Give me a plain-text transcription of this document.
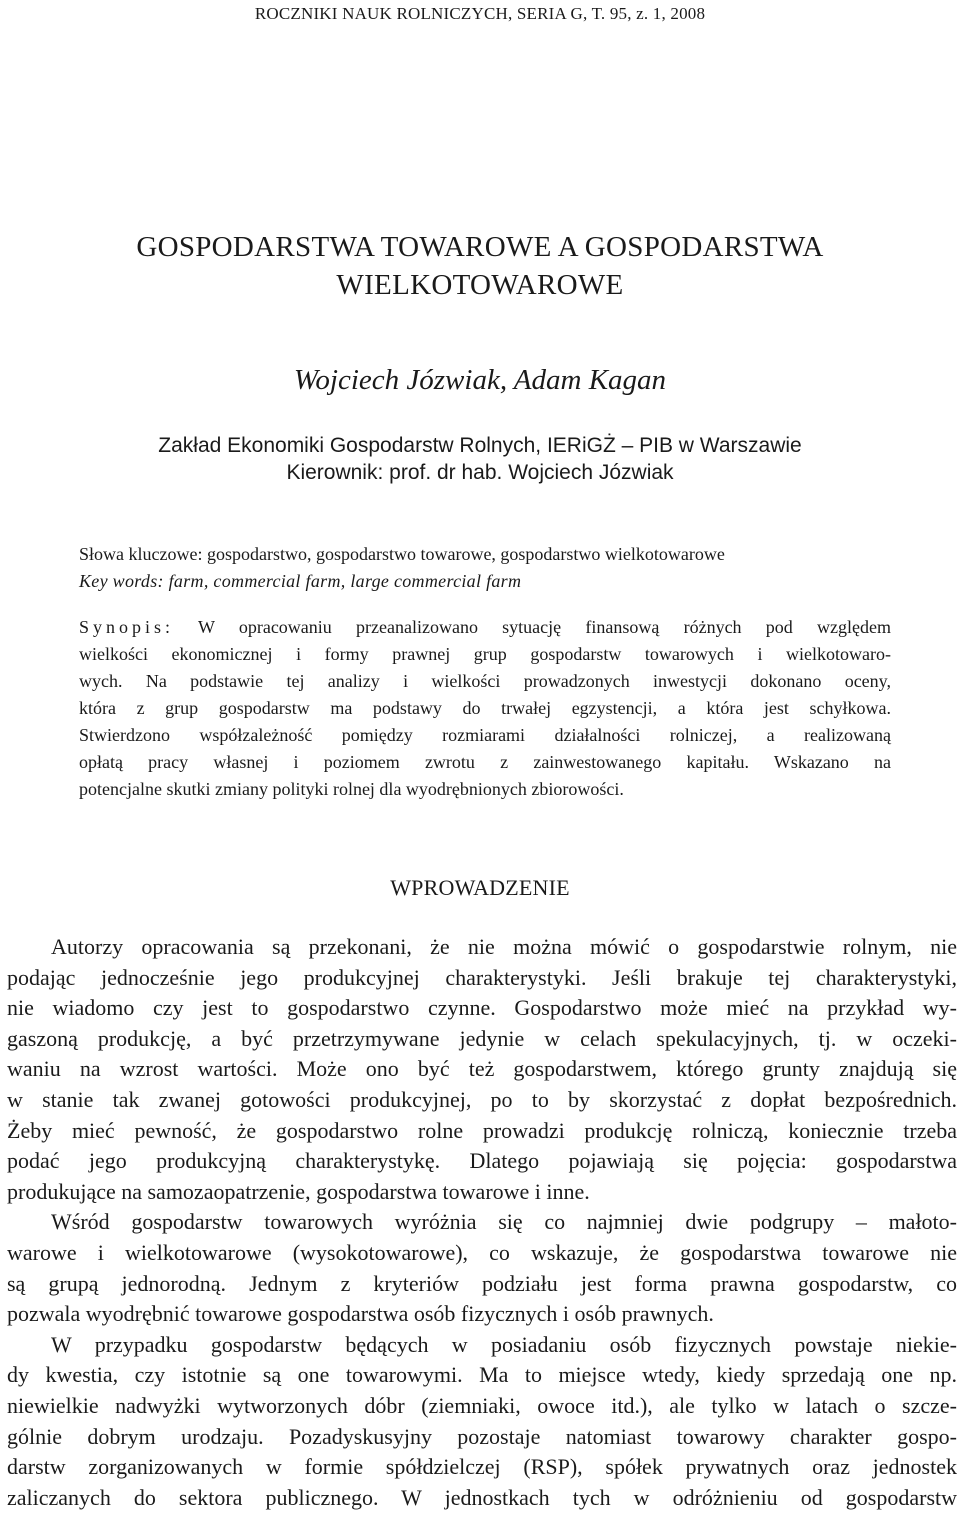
ROCZNIKI NAUK ROLNICZYCH, SERIA G, T. 95, z. 1, 2008
GOSPODARSTWA TOWAROWE A GOSPODARSTWA
WIELKOTOWAROWE
Wojciech Józwiak, Adam Kagan
Zakład Ekonomiki Gospodarstw Rolnych, IERiGŻ – PIB w Warszawie
Kierownik: prof. dr hab. Wojciech Józwiak
Słowa kluczowe: gospodarstwo, gospodarstwo towarowe, gospodarstwo wielkotowarowe
Key words: farm, commercial farm, large commercial farm
Synopis: W opracowaniu przeanalizowano sytuację finansową różnych pod względem
wielkości ekonomicznej i formy prawnej grup gospodarstw towarowych i wielkotowaro-
wych. Na podstawie tej analizy i wielkości prowadzonych inwestycji dokonano oceny,
która z grup gospodarstw ma podstawy do trwałej egzystencji, a która jest schyłkowa.
Stwierdzono współzależność pomiędzy rozmiarami działalności rolniczej, a realizowaną
opłatą pracy własnej i poziomem zwrotu z zainwestowanego kapitału. Wskazano na
potencjalne skutki zmiany polityki rolnej dla wyodrębnionych zbiorowości.
WPROWADZENIE
Autorzy opracowania są przekonani, że nie można mówić o gospodarstwie rolnym, nie
podając jednocześnie jego produkcyjnej charakterystyki. Jeśli brakuje tej charakterystyki,
nie wiadomo czy jest to gospodarstwo czynne. Gospodarstwo może mieć na przykład wy-
gaszoną produkcję, a być przetrzymywane jedynie w celach spekulacyjnych, tj. w oczeki-
waniu na wzrost wartości. Może ono być też gospodarstwem, którego grunty znajdują się
w stanie tak zwanej gotowości produkcyjnej, po to by skorzystać z dopłat bezpośrednich.
Żeby mieć pewność, że gospodarstwo rolne prowadzi produkcję rolniczą, koniecznie trzeba
podać jego produkcyjną charakterystykę. Dlatego pojawiają się pojęcia: gospodarstwa
produkujące na samozaopatrzenie, gospodarstwa towarowe i inne.
Wśród gospodarstw towarowych wyróżnia się co najmniej dwie podgrupy – małoto-
warowe i wielkotowarowe (wysokotowarowe), co wskazuje, że gospodarstwa towarowe nie
są grupą jednorodną. Jednym z kryteriów podziału jest forma prawna gospodarstw, co
pozwala wyodrębnić towarowe gospodarstwa osób fizycznych i osób prawnych.
W przypadku gospodarstw będących w posiadaniu osób fizycznych powstaje niekie-
dy kwestia, czy istotnie są one towarowymi. Ma to miejsce wtedy, kiedy sprzedają one np.
niewielkie nadwyżki wytworzonych dóbr (ziemniaki, owoce itd.), ale tylko w latach o szcze-
gólnie dobrym urodzaju. Pozadyskusyjny pozostaje natomiast towarowy charakter gospo-
darstw zorganizowanych w formie spółdzielczej (RSP), spółek prywatnych oraz jednostek
zaliczanych do sektora publicznego. W jednostkach tych w odróżnieniu od gospodarstw
